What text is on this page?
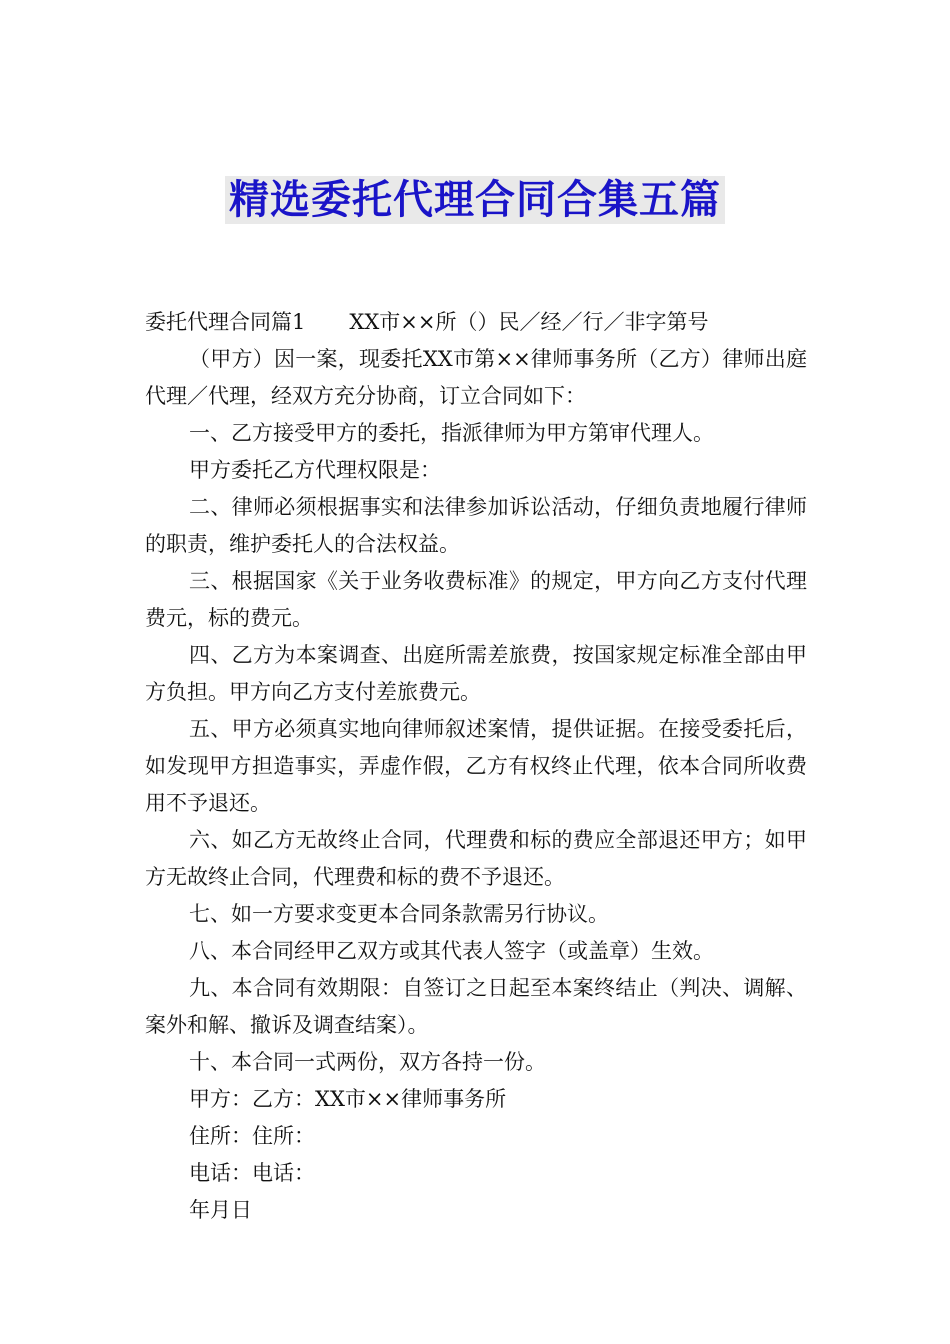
精选委托代理合同合集五篇

委托代理合同篇1 XX市××所（）民／经／行／非字第号

（甲方）因一案，现委托XX市第××律师事务所（乙方）律师出庭代理／代理，经双方充分协商，订立合同如下：

一、乙方接受甲方的委托，指派律师为甲方第审代理人。

甲方委托乙方代理权限是：

二、律师必须根据事实和法律参加诉讼活动，仔细负责地履行律师的职责，维护委托人的合法权益。

三、根据国家《关于业务收费标准》的规定，甲方向乙方支付代理费元，标的费元。

四、乙方为本案调查、出庭所需差旅费，按国家规定标准全部由甲方负担。甲方向乙方支付差旅费元。

五、甲方必须真实地向律师叙述案情，提供证据。在接受委托后，如发现甲方担造事实，弄虚作假，乙方有权终止代理，依本合同所收费用不予退还。

六、如乙方无故终止合同，代理费和标的费应全部退还甲方；如甲方无故终止合同，代理费和标的费不予退还。

七、如一方要求变更本合同条款需另行协议。

八、本合同经甲乙双方或其代表人签字（或盖章）生效。

九、本合同有效期限：自签订之日起至本案终结止（判决、调解、案外和解、撤诉及调查结案）。

十、本合同一式两份，双方各持一份。

甲方：乙方：XX市××律师事务所

住所：住所：

电话：电话：

年月日
